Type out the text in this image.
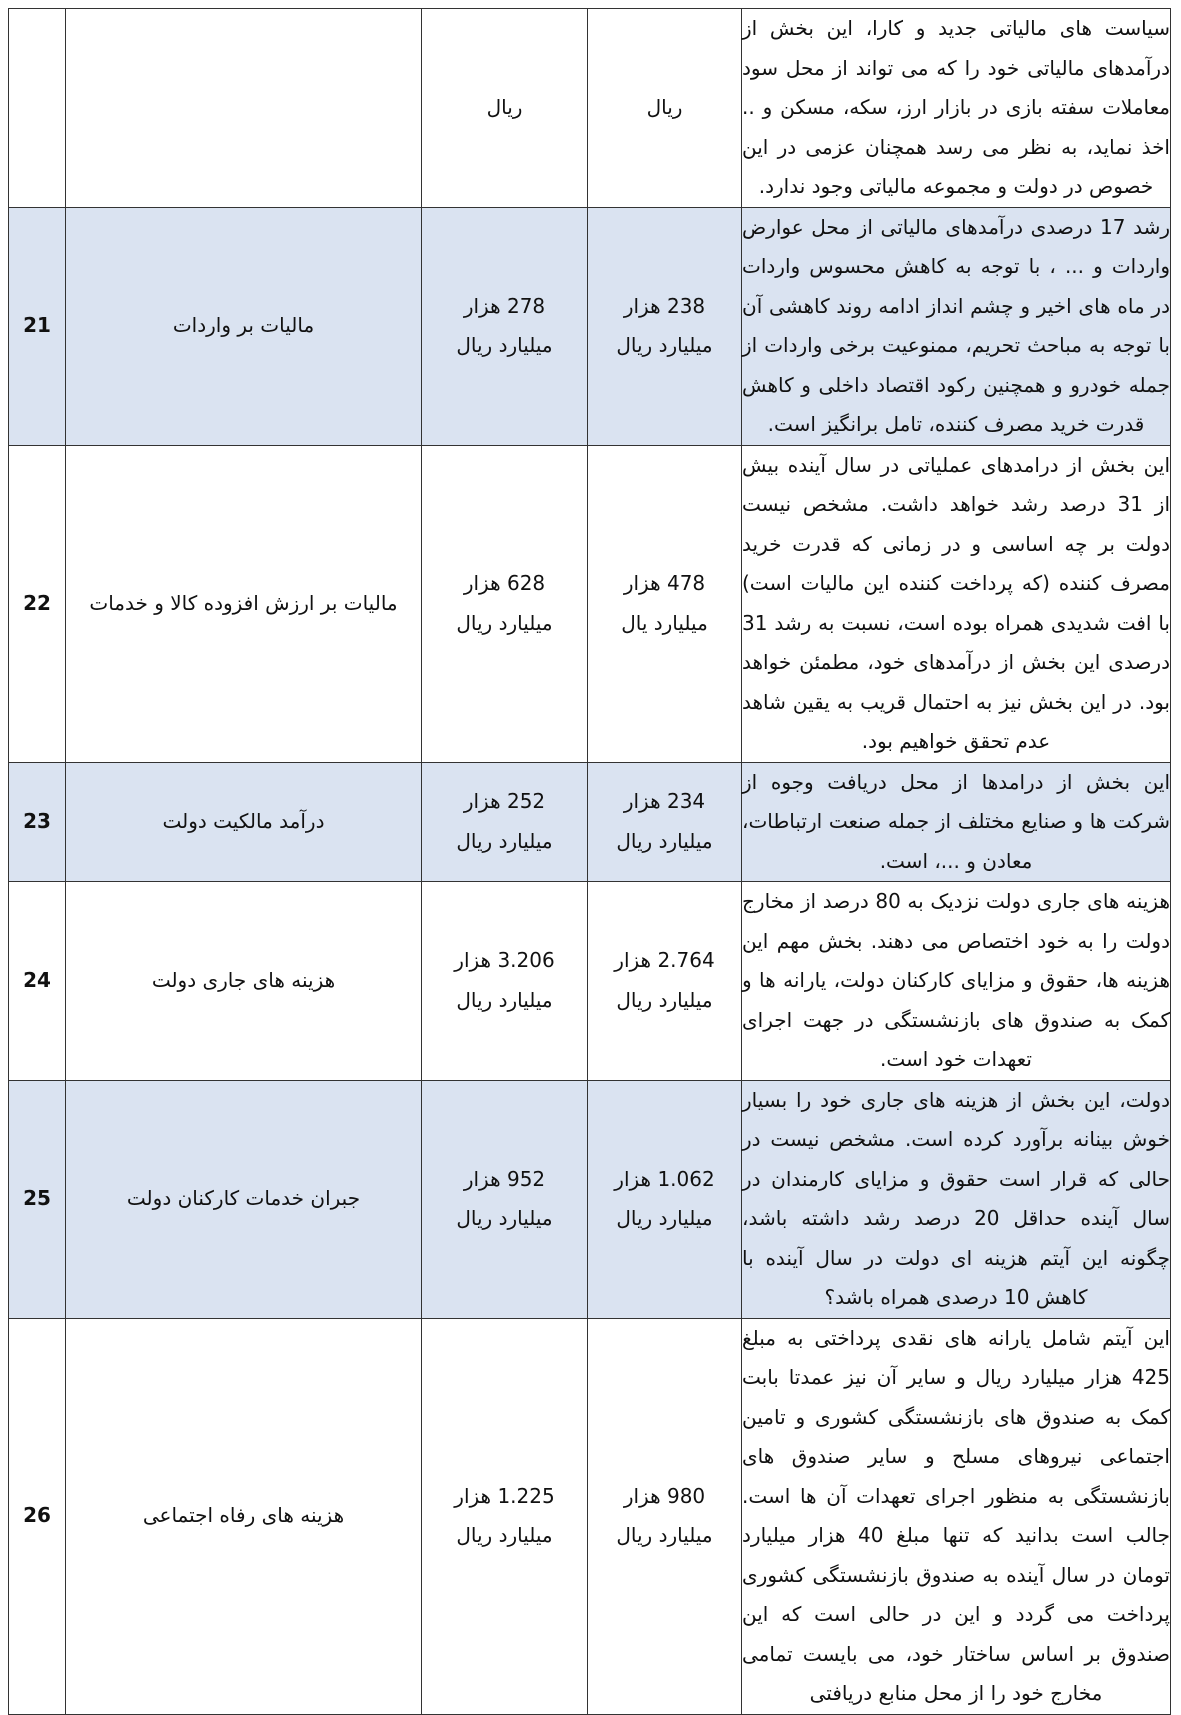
		ریال	ریال	سیاست های مالیاتی جدید و کارا، این بخش از درآمدهای مالیاتی خود را که می تواند از محل سود معاملات سفته بازی در بازار ارز، سکه، مسکن و .. اخذ نماید، به نظر می رسد همچنان عزمی در این خصوص در دولت و مجموعه مالیاتی وجود ندارد.

21	مالیات بر واردات	278 هزار میلیارد ریال	238 هزار میلیارد ریال	رشد 17 درصدی درآمدهای مالیاتی از محل عوارض واردات و ... ، با توجه به کاهش محسوس واردات در ماه های اخیر و چشم انداز ادامه روند کاهشی آن با توجه به مباحث تحریم، ممنوعیت برخی واردات از جمله خودرو و همچنین رکود اقتصاد داخلی و کاهش قدرت خرید مصرف کننده، تامل برانگیز است.

22	مالیات بر ارزش افزوده کالا و خدمات	628 هزار میلیارد ریال	478 هزار میلیارد یال	این بخش از درامدهای عملیاتی در سال آینده بیش از 31 درصد رشد خواهد داشت. مشخص نیست دولت بر چه اساسی و در زمانی که قدرت خرید مصرف کننده (که پرداخت کننده این مالیات است) با افت شدیدی همراه بوده است، نسبت به رشد 31 درصدی این بخش از درآمدهای خود، مطمئن خواهد بود. در این بخش نیز به احتمال قریب به یقین شاهد عدم تحقق خواهیم بود.

23	درآمد مالکیت دولت	252 هزار میلیارد ریال	234 هزار میلیارد ریال	این بخش از درامدها از محل دریافت وجوه از شرکت ها و صنایع مختلف از جمله صنعت ارتباطات، معادن و ...، است.

24	هزینه های جاری دولت	3.206 هزار میلیارد ریال	2.764 هزار میلیارد ریال	هزینه های جاری دولت نزدیک به 80 درصد از مخارج دولت را به خود اختصاص می دهند. بخش مهم این هزینه ها، حقوق و مزایای کارکنان دولت، یارانه ها و کمک به صندوق های بازنشستگی در جهت اجرای تعهدات خود است.

25	جبران خدمات کارکنان دولت	952 هزار میلیارد ریال	1.062 هزار میلیارد ریال	دولت، این بخش از هزینه های جاری خود را بسیار خوش بینانه برآورد کرده است. مشخص نیست در حالی که قرار است حقوق و مزایای کارمندان در سال آینده حداقل 20 درصد رشد داشته باشد، چگونه این آیتم هزینه ای دولت در سال آینده با کاهش 10 درصدی همراه باشد؟

26	هزینه های رفاه اجتماعی	1.225 هزار میلیارد ریال	980 هزار میلیارد ریال	این آیتم شامل یارانه های نقدی پرداختی به مبلغ 425 هزار میلیارد ریال و سایر آن نیز عمدتا بابت کمک به صندوق های بازنشستگی کشوری و تامین اجتماعی نیروهای مسلح و سایر صندوق های بازنشستگی به منظور اجرای تعهدات آن ها است. جالب است بدانید که تنها مبلغ 40 هزار میلیارد تومان در سال آینده به صندوق بازنشستگی کشوری پرداخت می گردد و این در حالی است که این صندوق بر اساس ساختار خود، می بایست تمامی مخارج خود را از محل منابع دریافتی
